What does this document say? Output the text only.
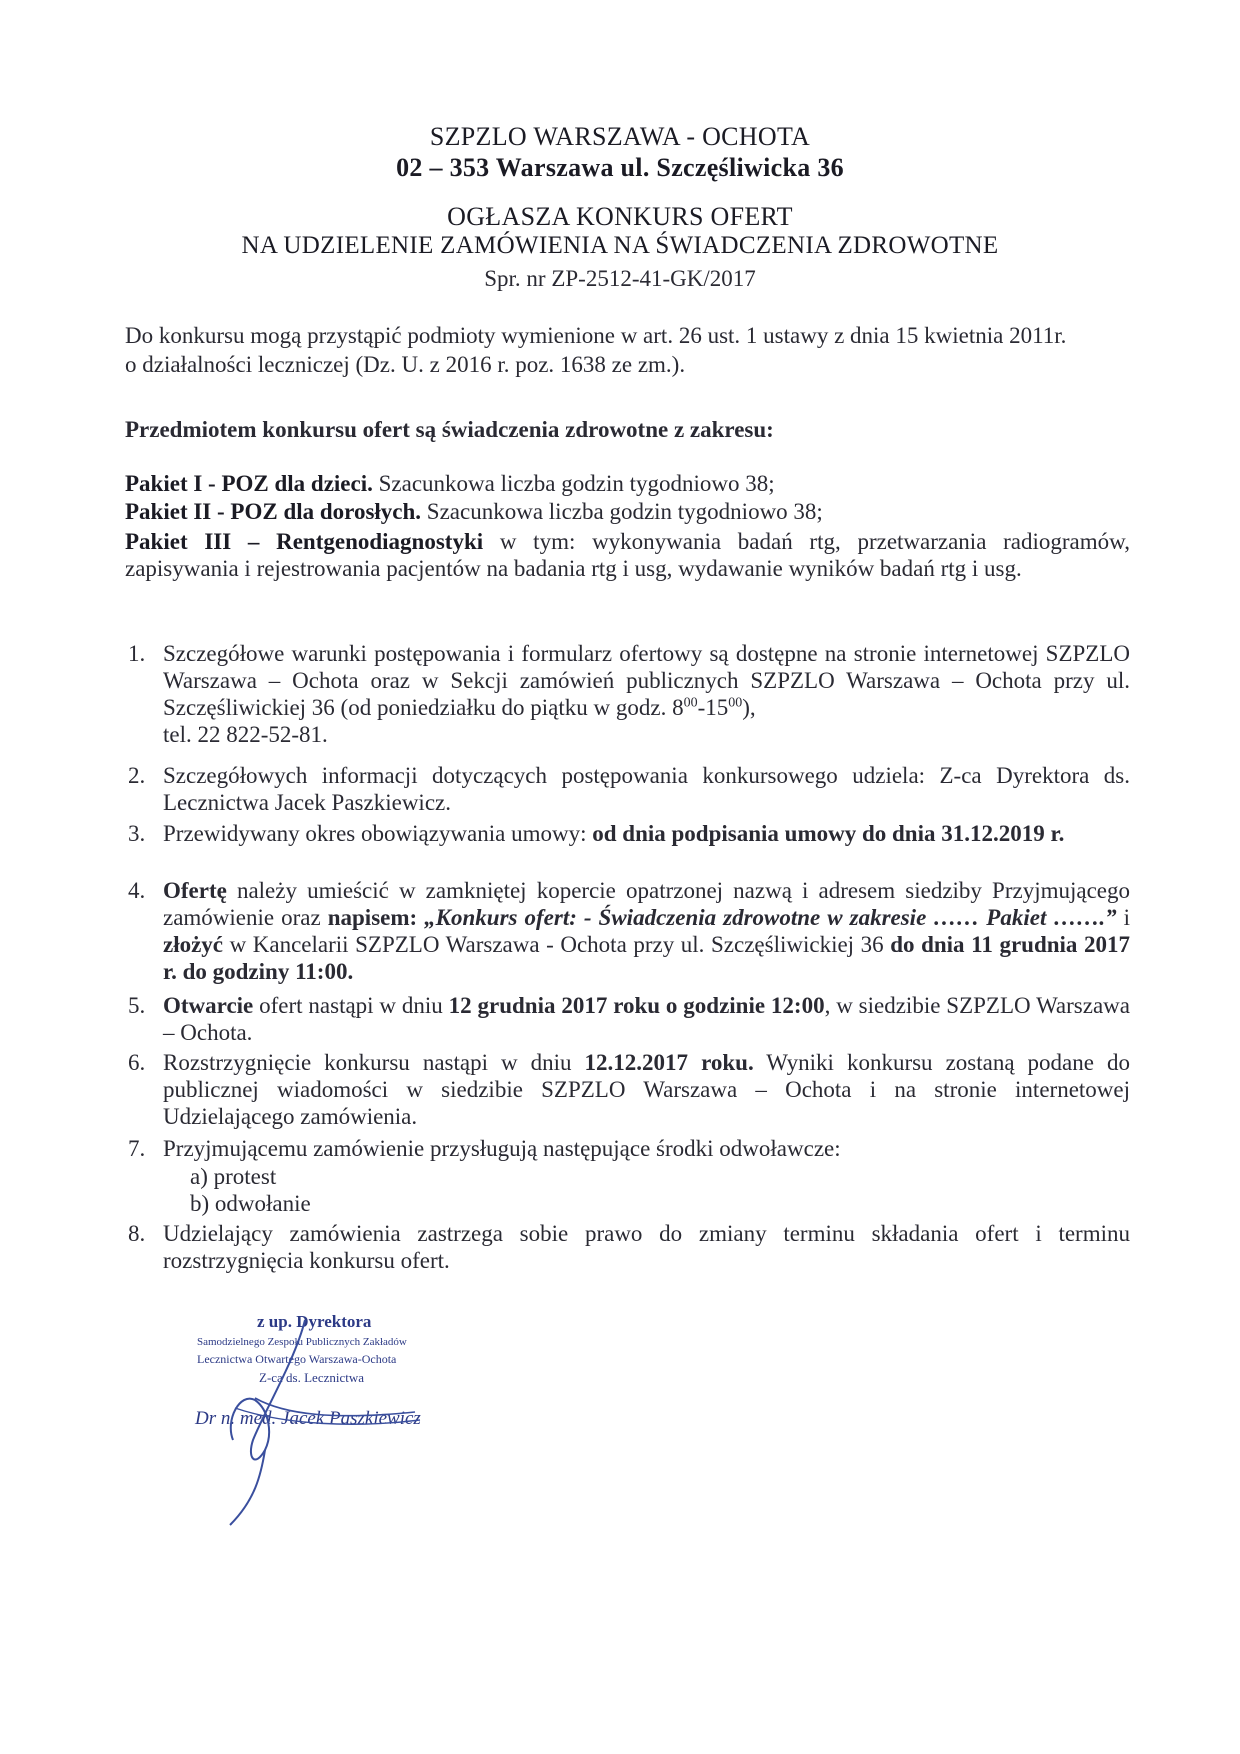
SZPZLO WARSZAWA - OCHOTA
02 – 353 Warszawa ul. Szczęśliwicka 36
OGŁASZA KONKURS OFERT
NA UDZIELENIE ZAMÓWIENIA NA ŚWIADCZENIA ZDROWOTNE
Spr. nr ZP-2512-41-GK/2017
Do konkursu mogą przystąpić podmioty wymienione w art. 26 ust. 1 ustawy z dnia 15 kwietnia 2011r.
o działalności leczniczej (Dz. U. z 2016 r. poz. 1638 ze zm.).
Przedmiotem konkursu ofert są świadczenia zdrowotne z zakresu:
Pakiet I - POZ dla dzieci. Szacunkowa liczba godzin tygodniowo 38;
Pakiet II - POZ dla dorosłych. Szacunkowa liczba godzin tygodniowo 38;
Pakiet III – Rentgenodiagnostyki w tym: wykonywania badań rtg, przetwarzania radiogramów, zapisywania i rejestrowania pacjentów na badania rtg i usg, wydawanie wyników badań rtg i usg.
1. Szczegółowe warunki postępowania i formularz ofertowy są dostępne na stronie internetowej SZPZLO Warszawa – Ochota oraz w Sekcji zamówień publicznych SZPZLO Warszawa – Ochota przy ul. Szczęśliwickiej 36 (od poniedziałku do piątku w godz. $8^{00}-15^{00}$),
tel. 22 822-52-81.
2. Szczegółowych informacji dotyczących postępowania konkursowego udziela: Z-ca Dyrektora ds. Lecznictwa Jacek Paszkiewicz.
3. Przewidywany okres obowiązywania umowy: od dnia podpisania umowy do dnia 31.12.2019 r.
4. Ofertę należy umieścić w zamkniętej kopercie opatrzonej nazwą i adresem siedziby Przyjmującego zamówienie oraz napisem: „Konkurs ofert: - Świadczenia zdrowotne w zakresie …… Pakiet …….” i złożyć w Kancelarii SZPZLO Warszawa - Ochota przy ul. Szczęśliwickiej 36 do dnia 11 grudnia 2017 r. do godziny 11:00.
5. Otwarcie ofert nastąpi w dniu 12 grudnia 2017 roku o godzinie 12:00, w siedzibie SZPZLO Warszawa – Ochota.
6. Rozstrzygnięcie konkursu nastąpi w dniu 12.12.2017 roku. Wyniki konkursu zostaną podane do publicznej wiadomości w siedzibie SZPZLO Warszawa – Ochota i na stronie internetowej Udzielającego zamówienia.
7. Przyjmującemu zamówienie przysługują następujące środki odwoławcze:
a) protest
b) odwołanie
8. Udzielający zamówienia zastrzega sobie prawo do zmiany terminu składania ofert i terminu rozstrzygnięcia konkursu ofert.
z up. Dyrektora
Samodzielnego Zespołu Publicznych Zakładów
Lecznictwa Otwartego Warszawa-Ochota
Z-ca ds. Lecznictwa
Dr n. med. Jacek Paszkiewicz
